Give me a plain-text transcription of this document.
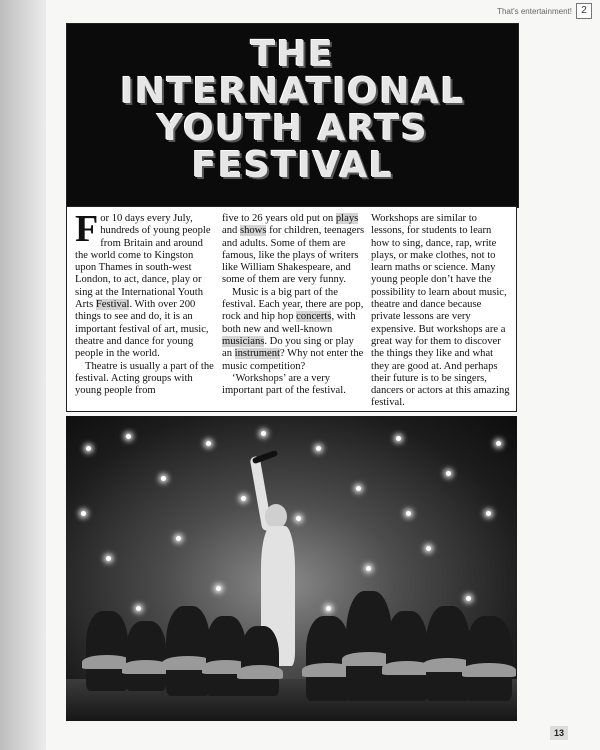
That's entertainment! 2
13
THE
INTERNATIONAL
YOUTH ARTS
FESTIVAL

For 10 days every July, hundreds of young people from Britain and around the world come to Kingston upon Thames in south-west London, to act, dance, play or sing at the International Youth Arts Festival. With over 200 things to see and do, it is an important festival of art, music, theatre and dance for young people in the world.

Theatre is usually a part of the festival. Acting groups with young people from

five to 26 years old put on plays and shows for children, teenagers and adults. Some of them are famous, like the plays of writers like William Shakespeare, and some of them are very funny.

Music is a big part of the festival. Each year, there are pop, rock and hip hop concerts, with both new and well-known musicians. Do you sing or play an instrument? Why not enter the music competition?

‘Workshops’ are a very important part of the festival.

Workshops are similar to lessons, for students to learn how to sing, dance, rap, write plays, or make clothes, not to learn maths or science. Many young people don’t have the possibility to learn about music, theatre and dance because private lessons are very expensive. But workshops are a great way for them to discover the things they like and what they are good at. And perhaps their future is to be singers, dancers or actors at this amazing festival.
